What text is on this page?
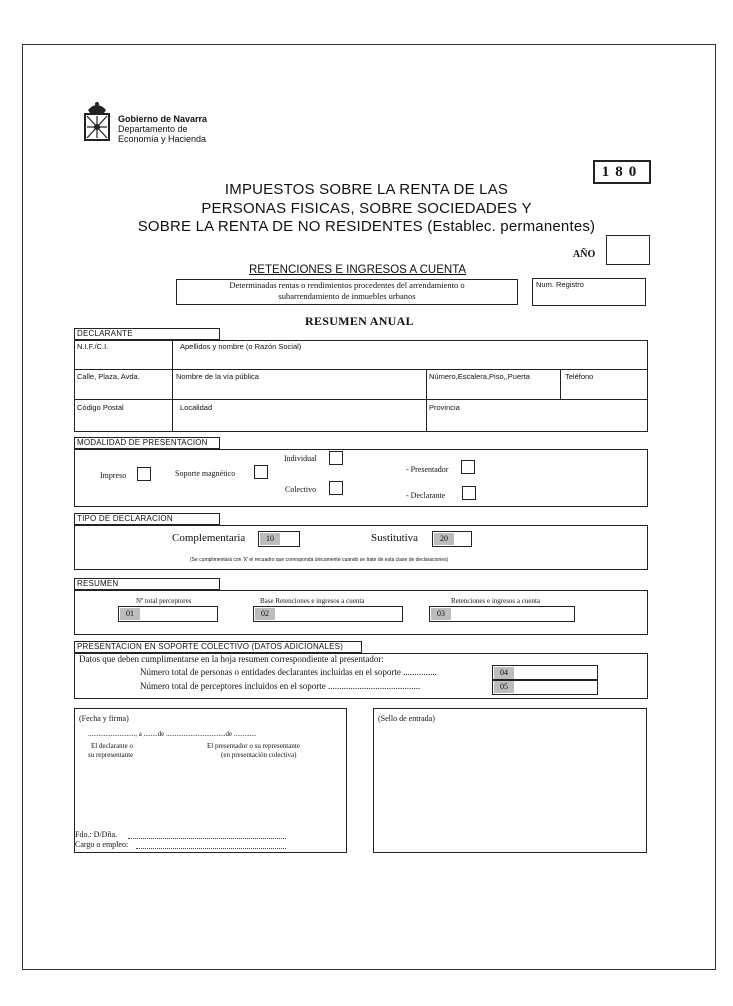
Gobierno de Navarra
Departamento de
Economía y Hacienda
180
IMPUESTOS SOBRE LA RENTA DE LAS
PERSONAS FISICAS, SOBRE SOCIEDADES Y
SOBRE LA RENTA DE NO RESIDENTES (Establec. permanentes)
AÑO
RETENCIONES E INGRESOS A CUENTA
Determinadas rentas o rendimientos procedentes del arrendamiento o
subarrendamiento de inmuebles urbanos
Num. Registro
RESUMEN ANUAL
DECLARANTE
N.I.F./C.I.	Apellidos y nombre (o Razón Social)
Calle, Plaza, Avda.	Nombre de la vía pública	Número,Escalera,Piso,,Puerta	Teléfono
Código Postal	Localidad	Provincia
MODALIDAD DE PRESENTACION
Impreso	Soporte magnético
Individual
Colectivo
- Presentador
- Declarante
TIPO DE DECLARACION
Complementaria	10	Sustitutiva	20
(Se cumplimentará con 'X' el recuadro que corresponda únicamente cuando se trate de esta clase de declaraciones)
RESUMEN
Nº total perceptores
01
Base Retenciones e ingresos a cuenta
02
Retenciones e ingresos a cuenta
03
PRESENTACION EN SOPORTE COLECTIVO (DATOS ADICIONALES)
Datos que deben cumplimentarse en la hoja resumen correspondiente al presentador:
Número total de personas o entidades declarantes incluidas en el soporte ...............	04
Número total de perceptores incluidos en el soporte .........................................	05
(Fecha y firma)
..........................., a ........de ..................................de .............
El declarante o
su representante
El presentador o su representante
(en presentación colectiva)
Fdo.: D/Dña.
Cargo o empleo:
(Sello de entrada)
